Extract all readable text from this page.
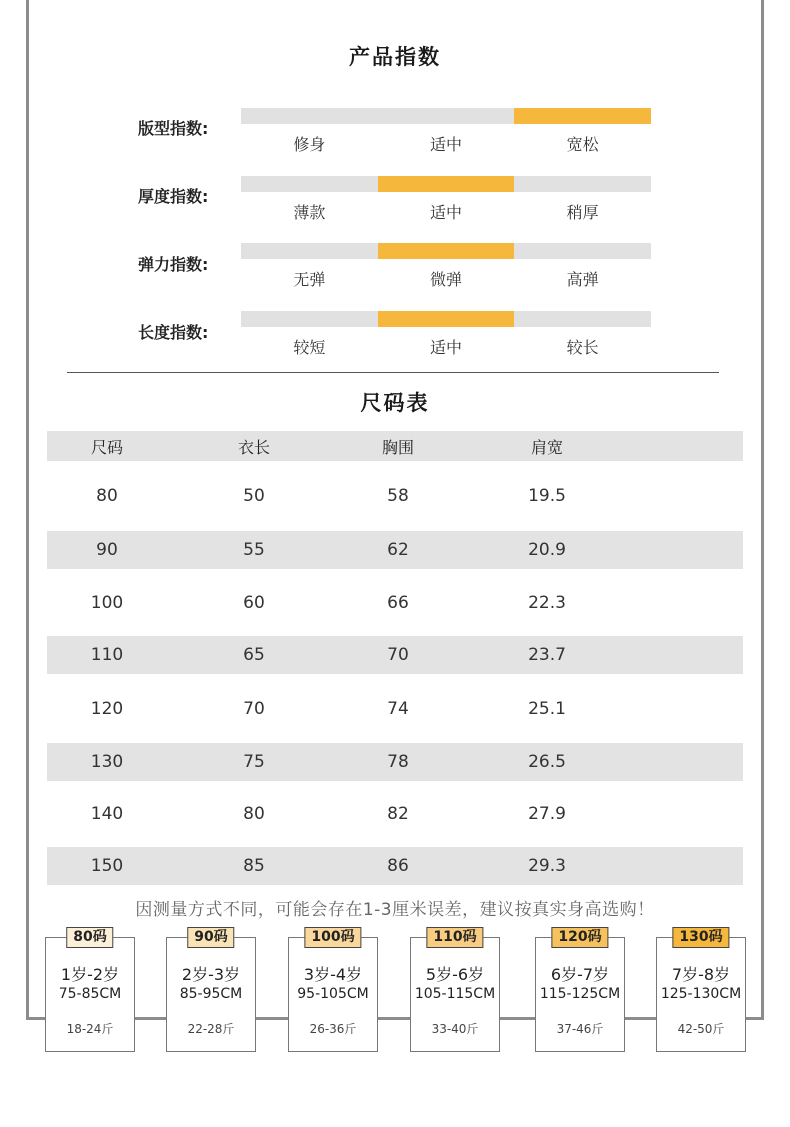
产品指数
版型指数:
修身	适中	宽松
厚度指数:
薄款	适中	稍厚
弹力指数:
无弹	微弹	高弹
长度指数:
较短	适中	较长
尺码表
尺码	衣长	胸围	肩宽
80	50	58	19.5
90	55	62	20.9
100	60	66	22.3
110	65	70	23.7
120	70	74	25.1
130	75	78	26.5
140	80	82	27.9
150	85	86	29.3
因测量方式不同，可能会存在1-3厘米误差，建议按真实身高选购！
80码
1岁-2岁
75-85CM
18-24斤
90码
2岁-3岁
85-95CM
22-28斤
100码
3岁-4岁
95-105CM
26-36斤
110码
5岁-6岁
105-115CM
33-40斤
120码
6岁-7岁
115-125CM
37-46斤
130码
7岁-8岁
125-130CM
42-50斤
